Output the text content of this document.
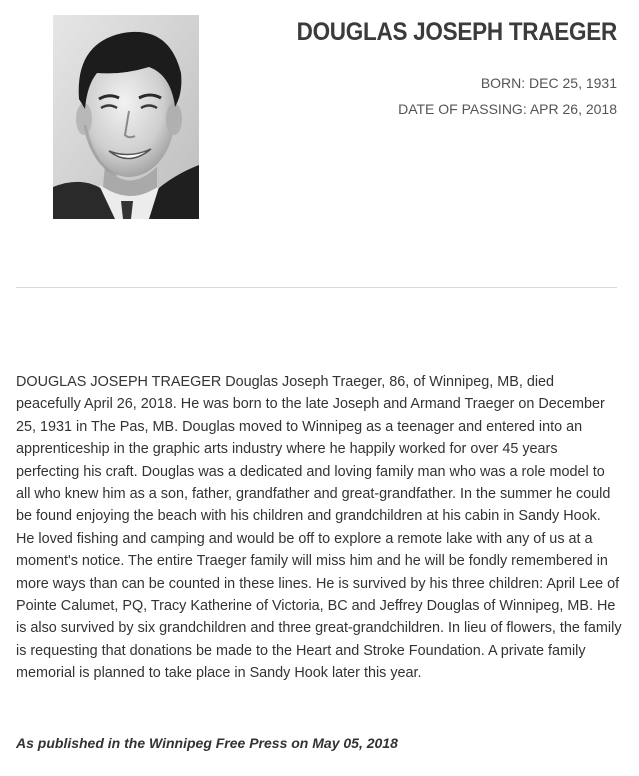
DOUGLAS JOSEPH TRAEGER
BORN: DEC 25, 1931
DATE OF PASSING: APR 26, 2018

DOUGLAS JOSEPH TRAEGER Douglas Joseph Traeger, 86, of Winnipeg, MB, died peacefully April 26, 2018. He was born to the late Joseph and Armand Traeger on December 25, 1931 in The Pas, MB. Douglas moved to Winnipeg as a teenager and entered into an apprenticeship in the graphic arts industry where he happily worked for over 45 years perfecting his craft. Douglas was a dedicated and loving family man who was a role model to all who knew him as a son, father, grandfather and great-grandfather. In the summer he could be found enjoying the beach with his children and grandchildren at his cabin in Sandy Hook. He loved fishing and camping and would be off to explore a remote lake with any of us at a moment's notice. The entire Traeger family will miss him and he will be fondly remembered in more ways than can be counted in these lines. He is survived by his three children: April Lee of Pointe Calumet, PQ, Tracy Katherine of Victoria, BC and Jeffrey Douglas of Winnipeg, MB. He is also survived by six grandchildren and three great-grandchildren. In lieu of flowers, the family is requesting that donations be made to the Heart and Stroke Foundation. A private family memorial is planned to take place in Sandy Hook later this year.

As published in the Winnipeg Free Press on May 05, 2018
